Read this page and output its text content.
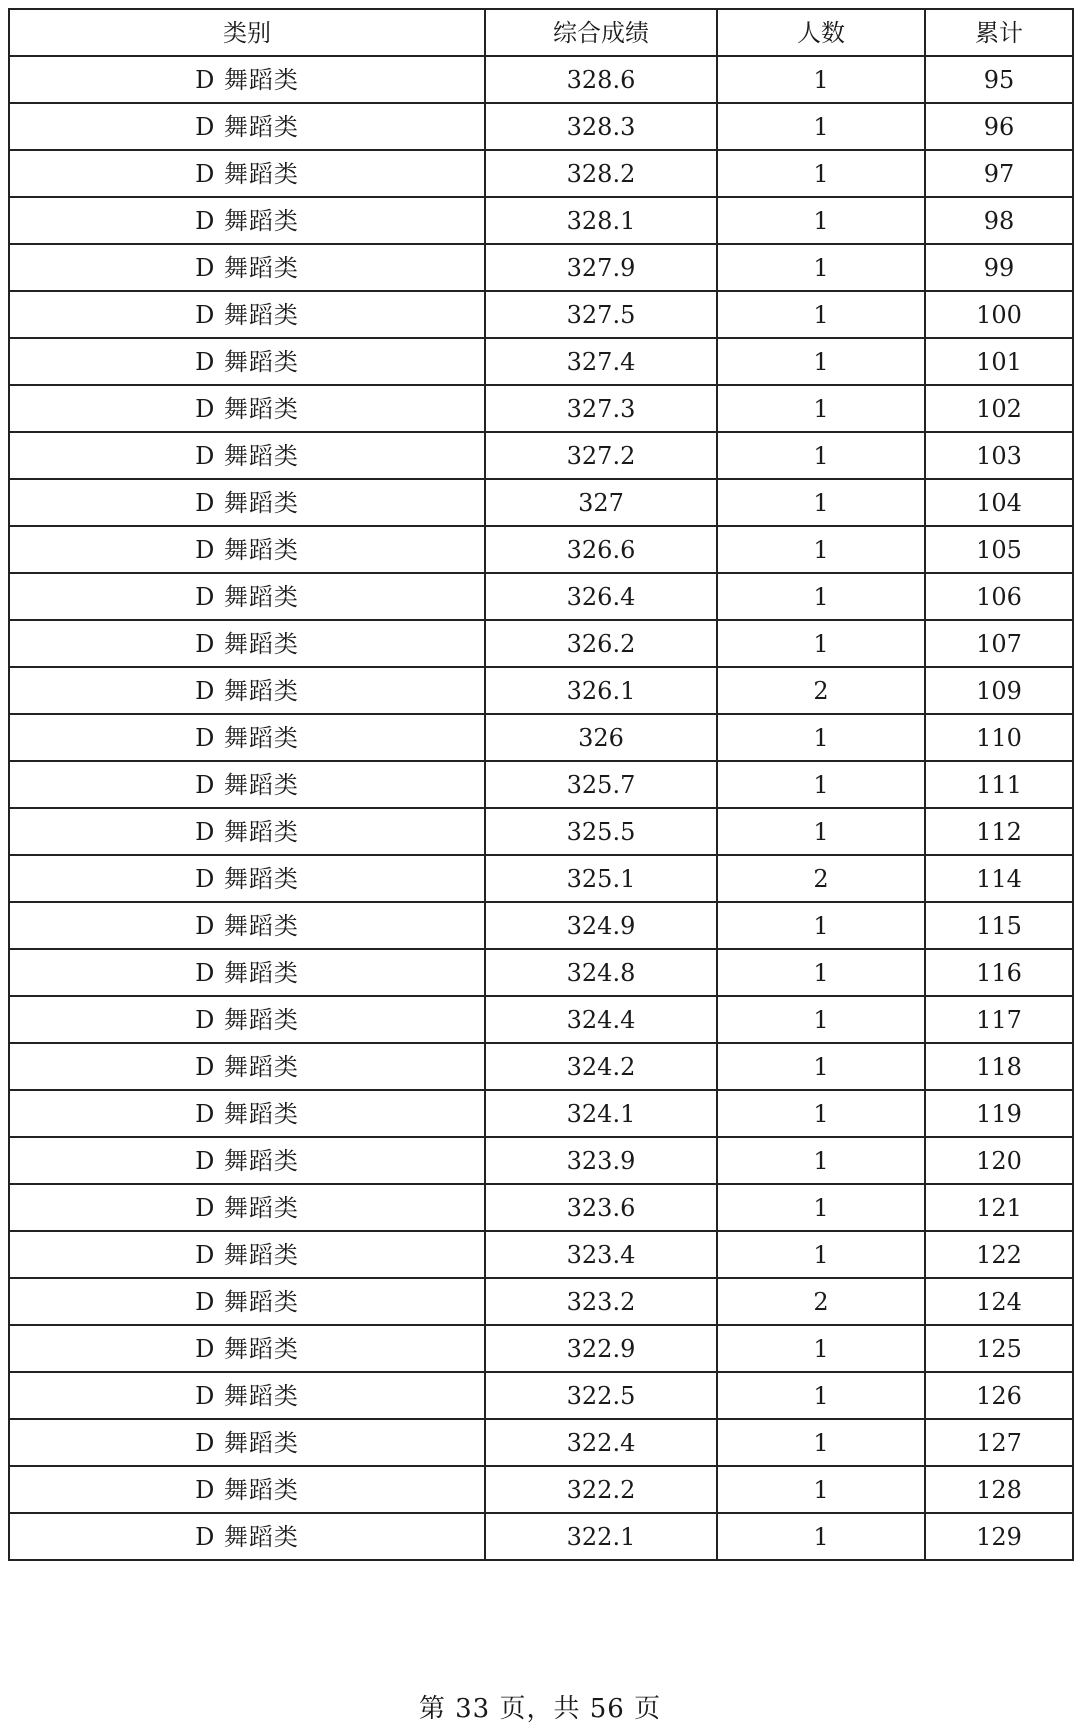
类别	综合成绩	人数	累计
D 舞蹈类	328.6	1	95
D 舞蹈类	328.3	1	96
D 舞蹈类	328.2	1	97
D 舞蹈类	328.1	1	98
D 舞蹈类	327.9	1	99
D 舞蹈类	327.5	1	100
D 舞蹈类	327.4	1	101
D 舞蹈类	327.3	1	102
D 舞蹈类	327.2	1	103
D 舞蹈类	327	1	104
D 舞蹈类	326.6	1	105
D 舞蹈类	326.4	1	106
D 舞蹈类	326.2	1	107
D 舞蹈类	326.1	2	109
D 舞蹈类	326	1	110
D 舞蹈类	325.7	1	111
D 舞蹈类	325.5	1	112
D 舞蹈类	325.1	2	114
D 舞蹈类	324.9	1	115
D 舞蹈类	324.8	1	116
D 舞蹈类	324.4	1	117
D 舞蹈类	324.2	1	118
D 舞蹈类	324.1	1	119
D 舞蹈类	323.9	1	120
D 舞蹈类	323.6	1	121
D 舞蹈类	323.4	1	122
D 舞蹈类	323.2	2	124
D 舞蹈类	322.9	1	125
D 舞蹈类	322.5	1	126
D 舞蹈类	322.4	1	127
D 舞蹈类	322.2	1	128
D 舞蹈类	322.1	1	129
第 33 页，共 56 页
